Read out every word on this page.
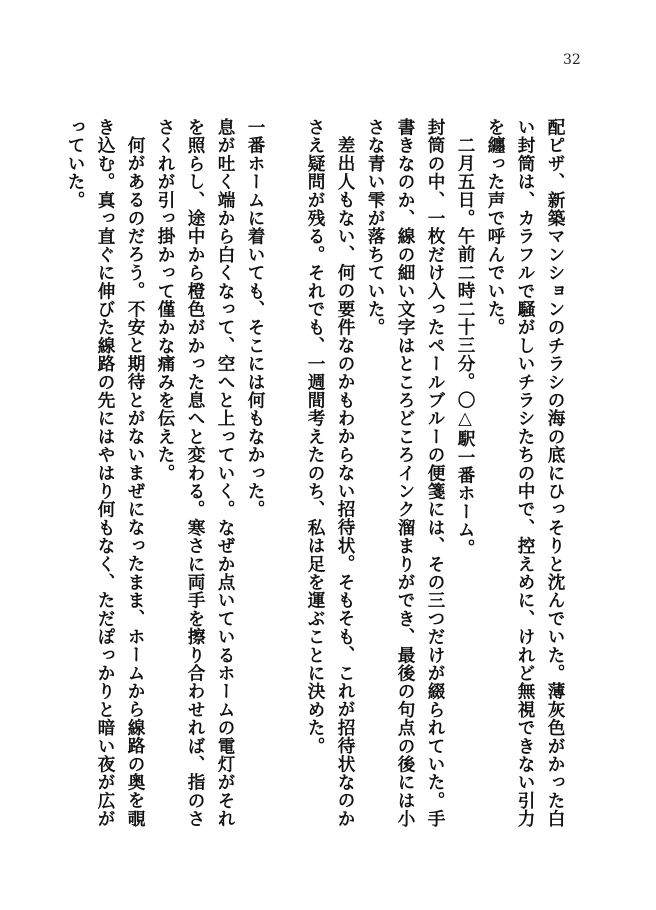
32

配ピザ、新築マンションのチラシの海の底にひっそりと沈んでいた。薄灰色がかった白い封筒は、カラフルで騒がしいチラシたちの中で、控えめに、けれど無視できない引力を纏った声で呼んでいた。

二月五日。午前二時二十三分。〇△駅一番ホーム。

封筒の中、一枚だけ入ったペールブルーの便箋には、その三つだけが綴られていた。手書きなのか、線の細い文字はところどころインク溜まりができ、最後の句点の後には小さな青い雫が落ちていた。

差出人もない、何の要件なのかもわからない招待状。そもそも、これが招待状なのかさえ疑問が残る。それでも、一週間考えたのち、私は足を運ぶことに決めた。

一番ホームに着いても、そこには何もなかった。

息が吐く端から白くなって、空へと上っていく。なぜか点いているホームの電灯がそれを照らし、途中から橙色がかった息へと変わる。寒さに両手を擦り合わせれば、指のささくれが引っ掛かって僅かな痛みを伝えた。

何があるのだろう。不安と期待とがないまぜになったまま、ホームから線路の奥を覗き込む。真っ直ぐに伸びた線路の先にはやはり何もなく、ただぽっかりと暗い夜が広がっていた。
